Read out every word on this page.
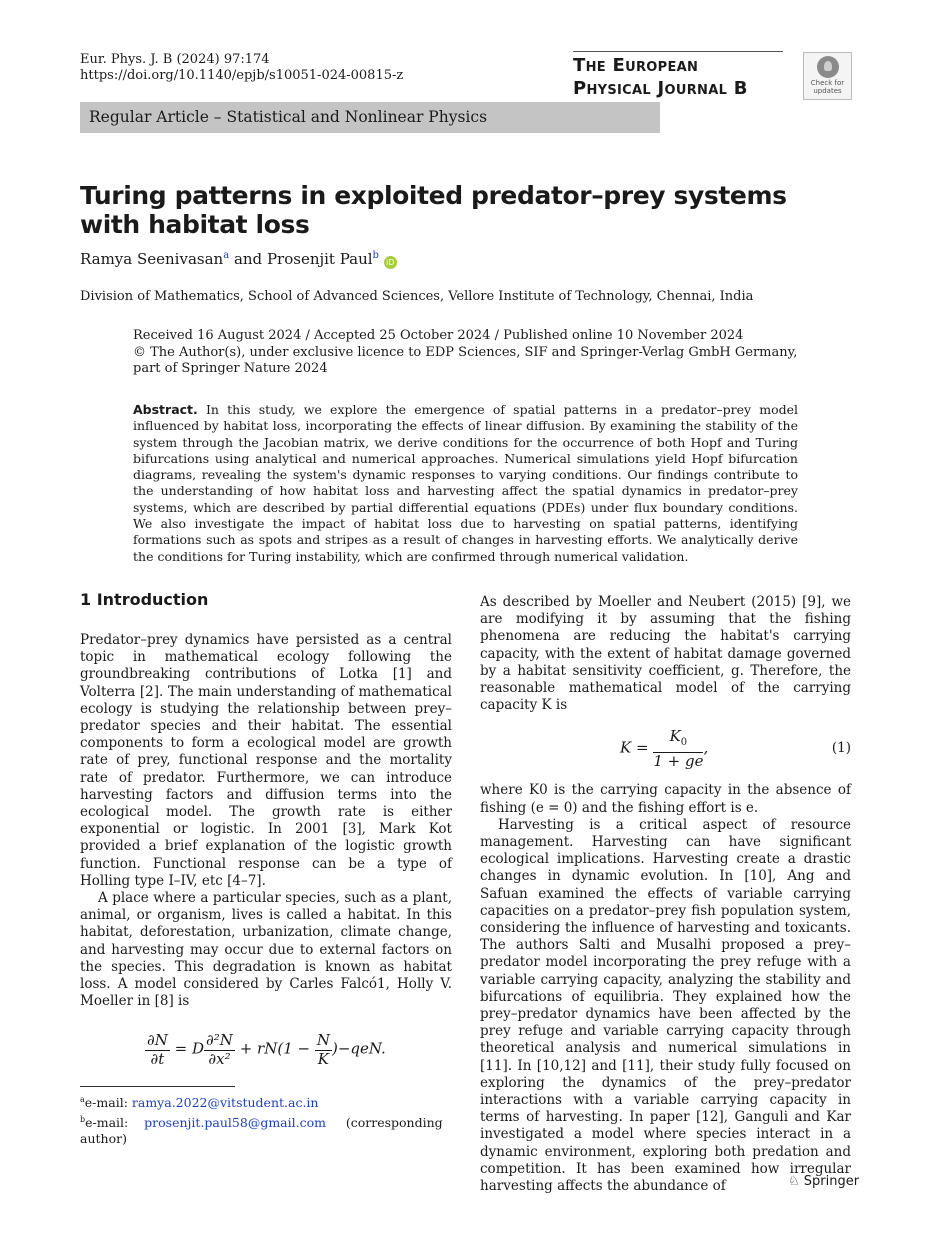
Eur. Phys. J. B (2024) 97:174
https://doi.org/10.1140/epjb/s10051-024-00815-z	The European
Physical Journal B	Check for
updates
Regular Article – Statistical and Nonlinear Physics
Turing patterns in exploited predator–prey systems with habitat loss
Ramya Seenivasan$^a$ and Prosenjit Paul$^b$ iD
Division of Mathematics, School of Advanced Sciences, Vellore Institute of Technology, Chennai, India
Received 16 August 2024 / Accepted 25 October 2024 / Published online 10 November 2024
© The Author(s), under exclusive licence to EDP Sciences, SIF and Springer-Verlag GmbH Germany,
part of Springer Nature 2024
Abstract. In this study, we explore the emergence of spatial patterns in a predator–prey model influenced by habitat loss, incorporating the effects of linear diffusion. By examining the stability of the system through the Jacobian matrix, we derive conditions for the occurrence of both Hopf and Turing bifurcations using analytical and numerical approaches. Numerical simulations yield Hopf bifurcation diagrams, revealing the system's dynamic responses to varying conditions. Our findings contribute to the understanding of how habitat loss and harvesting affect the spatial dynamics in predator–prey systems, which are described by partial differential equations (PDEs) under flux boundary conditions. We also investigate the impact of habitat loss due to harvesting on spatial patterns, identifying formations such as spots and stripes as a result of changes in harvesting efforts. We analytically derive the conditions for Turing instability, which are confirmed through numerical validation.
1 Introduction

Predator–prey dynamics have persisted as a central topic in mathematical ecology following the groundbreaking contributions of Lotka [1] and Volterra [2]. The main understanding of mathematical ecology is studying the relationship between prey–predator species and their habitat. The essential components to form a ecological model are growth rate of prey, functional response and the mortality rate of predator. Furthermore, we can introduce harvesting factors and diffusion terms into the ecological model. The growth rate is either exponential or logistic. In 2001 [3], Mark Kot provided a brief explanation of the logistic growth function. Functional response can be a type of Holling type I–IV, etc [4–7].

A place where a particular species, such as a plant, animal, or organism, lives is called a habitat. In this habitat, deforestation, urbanization, climate change, and harvesting may occur due to external factors on the species. This degradation is known as habitat loss. A model considered by Carles Falcó1, Holly V. Moeller in [8] is

$\frac{\partial N}{\partial t} = D \frac{\text{∂²N}}{\text{∂x²}} + rN(1 - \frac{N}{K} )-qeN$.

As described by Moeller and Neubert (2015) [9], we are modifying it by assuming that the fishing phenomena are reducing the habitat's carrying capacity, with the extent of habitat damage governed by a habitat sensitivity coefficient, g. Therefore, the reasonable mathematical model of the carrying capacity K is

$K = \frac{K_0}{1 + ge}$ ,	(1)

where K0 is the carrying capacity in the absence of fishing (e = 0) and the fishing effort is e.

Harvesting is a critical aspect of resource management. Harvesting can have significant ecological implications. Harvesting create a drastic changes in dynamic evolution. In [10], Ang and Safuan examined the effects of variable carrying capacities on a predator–prey fish population system, considering the influence of harvesting and toxicants. The authors Salti and Musalhi proposed a prey–predator model incorporating the prey refuge with a variable carrying capacity, analyzing the stability and bifurcations of equilibria. They explained how the prey–predator dynamics have been affected by the prey refuge and variable carrying capacity through theoretical analysis and numerical simulations in [11]. In [10,12] and [11], their study fully focused on exploring the dynamics of the prey–predator interactions with a variable carrying capacity in terms of harvesting. In paper [12], Ganguli and Kar investigated a model where species interact in a dynamic environment, exploring both predation and competition. It has been examined how irregular harvesting affects the abundance of

$^a$e-mail: ramya.2022@vitstudent.ac.in
$^b$e-mail: prosenjit.paul58@gmail.com (corresponding author)
♘ Springer
